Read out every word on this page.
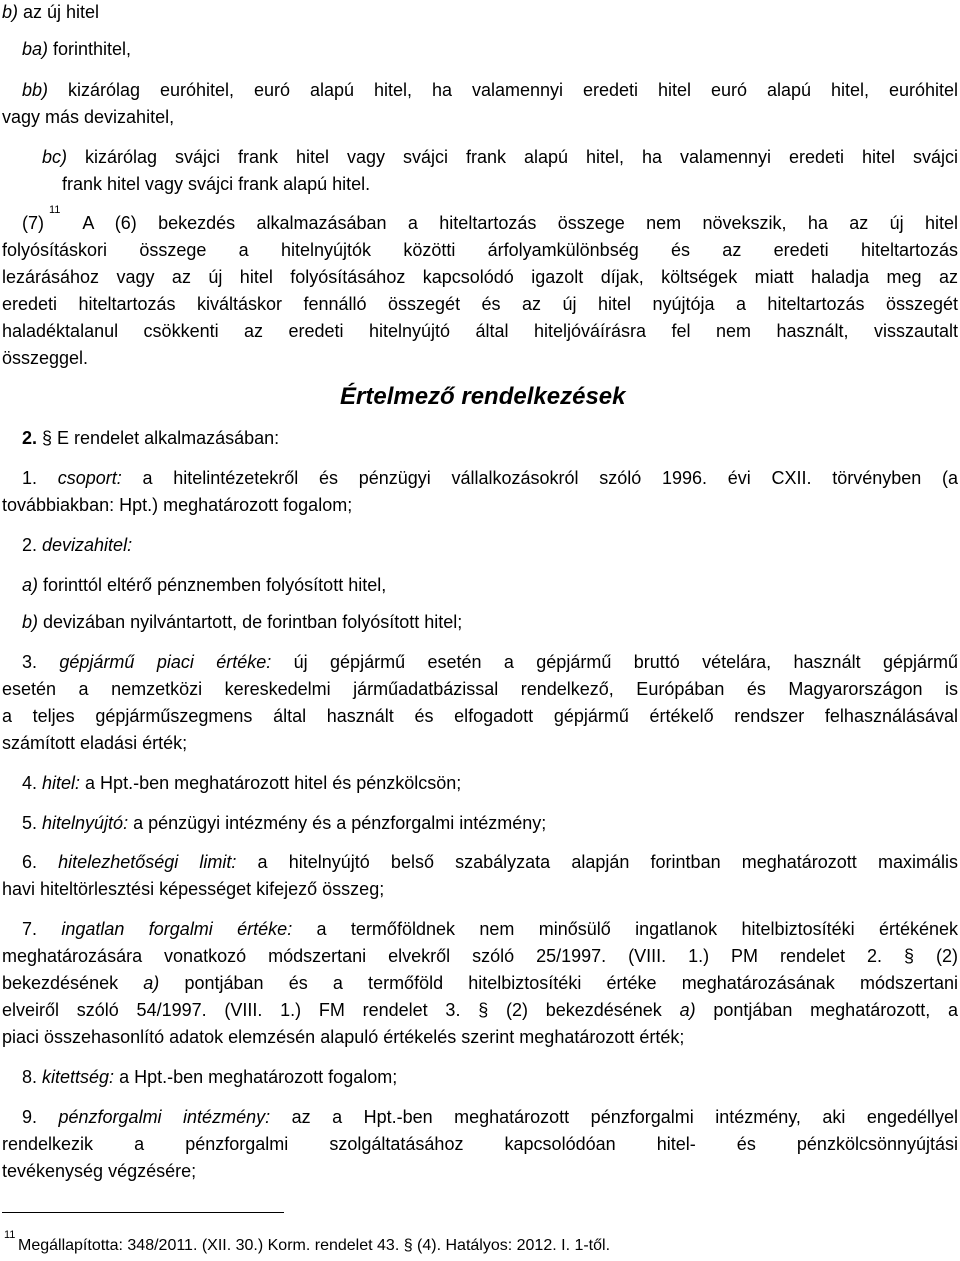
b) az új hitel
ba) forinthitel,
bb) kizárólag euróhitel, euró alapú hitel, ha valamennyi eredeti hitel euró alapú hitel, euróhitel
vagy más devizahitel,
bc) kizárólag svájci frank hitel vagy svájci frank alapú hitel, ha valamennyi eredeti hitel svájci
frank hitel vagy svájci frank alapú hitel.
(7) A (6) bekezdés alkalmazásában a hiteltartozás összege nem növekszik, ha az új hitel
11
folyósításkori összege a hitelnyújtók közötti árfolyamkülönbség és az eredeti hiteltartozás
lezárásához vagy az új hitel folyósításához kapcsolódó igazolt díjak, költségek miatt haladja meg az
eredeti hiteltartozás kiváltáskor fennálló összegét és az új hitel nyújtója a hiteltartozás összegét
haladéktalanul csökkenti az eredeti hitelnyújtó által hiteljóváírásra fel nem használt, visszautalt
összeggel.
Értelmező rendelkezések
2. § E rendelet alkalmazásában:
1. csoport: a hitelintézetekről és pénzügyi vállalkozásokról szóló 1996. évi CXII. törvényben (a
továbbiakban: Hpt.) meghatározott fogalom;
2. devizahitel:
a) forinttól eltérő pénznemben folyósított hitel,
b) devizában nyilvántartott, de forintban folyósított hitel;
3. gépjármű piaci értéke: új gépjármű esetén a gépjármű bruttó vételára, használt gépjármű
esetén a nemzetközi kereskedelmi járműadatbázissal rendelkező, Európában és Magyarországon is
a teljes gépjárműszegmens által használt és elfogadott gépjármű értékelő rendszer felhasználásával
számított eladási érték;
4. hitel: a Hpt.-ben meghatározott hitel és pénzkölcsön;
5. hitelnyújtó: a pénzügyi intézmény és a pénzforgalmi intézmény;
6. hitelezhetőségi limit: a hitelnyújtó belső szabályzata alapján forintban meghatározott maximális
havi hiteltörlesztési képességet kifejező összeg;
7. ingatlan forgalmi értéke: a termőföldnek nem minősülő ingatlanok hitelbiztosítéki értékének
meghatározására vonatkozó módszertani elvekről szóló 25/1997. (VIII. 1.) PM rendelet 2. § (2)
bekezdésének a) pontjában és a termőföld hitelbiztosítéki értéke meghatározásának módszertani
elveiről szóló 54/1997. (VIII. 1.) FM rendelet 3. § (2) bekezdésének a) pontjában meghatározott, a
piaci összehasonlító adatok elemzésén alapuló értékelés szerint meghatározott érték;
8. kitettség: a Hpt.-ben meghatározott fogalom;
9. pénzforgalmi intézmény: az a Hpt.-ben meghatározott pénzforgalmi intézmény, aki engedéllyel
rendelkezik a pénzforgalmi szolgáltatásához kapcsolódóan hitel- és pénzkölcsönnyújtási
tevékenység végzésére;
11
Megállapította: 348/2011. (XII. 30.) Korm. rendelet 43. § (4). Hatályos: 2012. I. 1-től.
